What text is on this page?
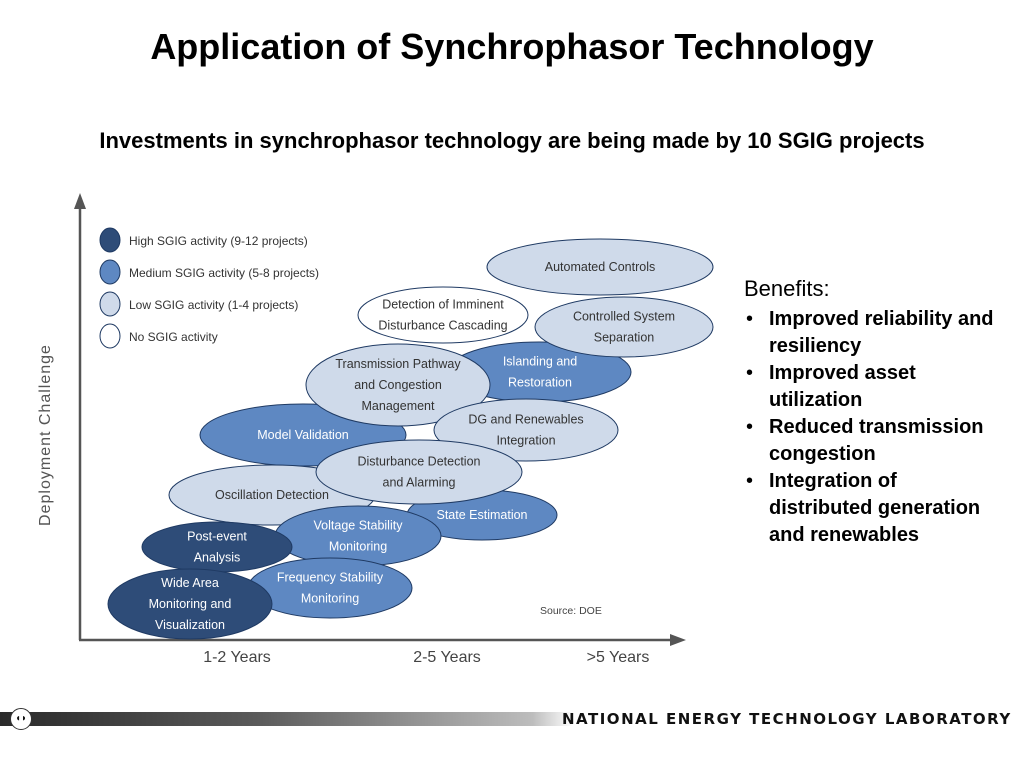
Application of Synchrophasor Technology
Investments in synchrophasor technology are being made by 10 SGIG projects
Deployment Challenge
1-2 Years	2-5 Years	>5 Years
Source: DOE
High SGIG activity (9-12 projects)
Medium SGIG activity (5-8 projects)
Low SGIG activity (1-4 projects)
No SGIG activity
Automated Controls
Islanding and Restoration
Detection of Imminent Disturbance Cascading
Controlled System Separation
Model Validation
Transmission Pathway and Congestion Management
DG and Renewables Integration
Oscillation Detection
State Estimation
Disturbance Detection and Alarming
Voltage Stability Monitoring
Post-event Analysis
Frequency Stability Monitoring
Wide Area Monitoring and Visualization
Benefits:
• Improved reliability and resiliency
• Improved asset utilization
• Reduced transmission congestion
• Integration of distributed generation and renewables
◖◗	NATIONAL ENERGY TECHNOLOGY LABORATORY
